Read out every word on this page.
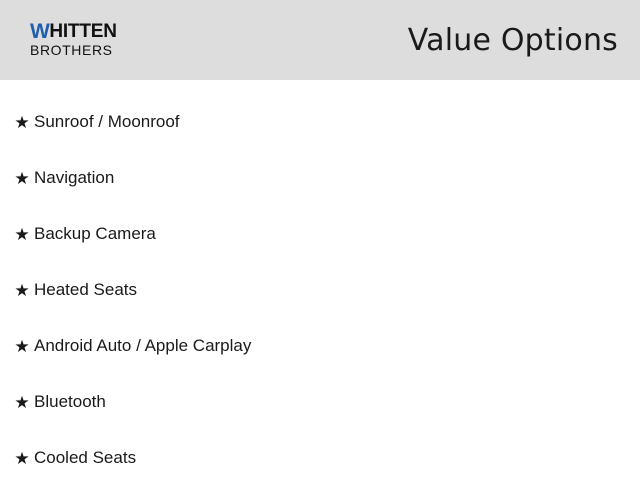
W HITTEN
BROTHERS	Value Options
★ Sunroof / Moonroof
★ Navigation
★ Backup Camera
★ Heated Seats
★ Android Auto / Apple Carplay
★ Bluetooth
★ Cooled Seats
